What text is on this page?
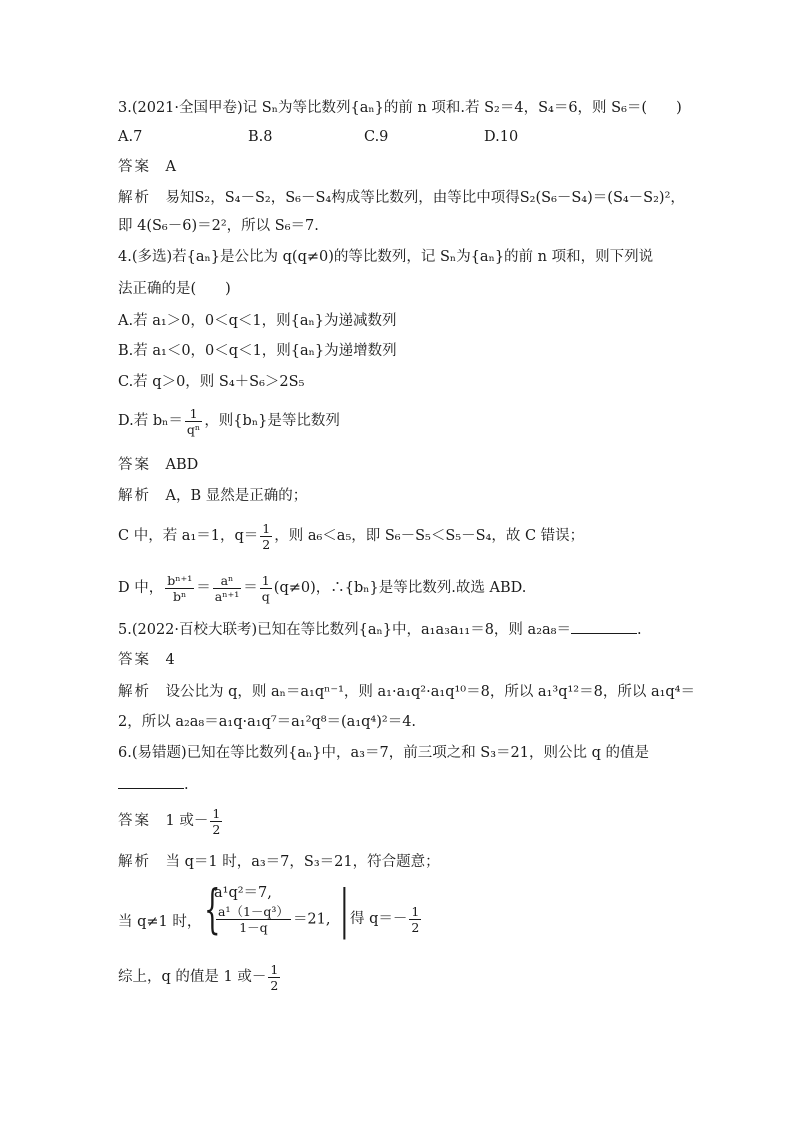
3.(2021·全国甲卷)记 Sₙ为等比数列{aₙ}的前 n 项和.若 S₂＝4，S₄＝6，则 S₆＝(　　)
A.7	B.8	C.9	D.10
答案　 A
解析　 易知S₂，S₄－S₂，S₆－S₄构成等比数列，由等比中项得S₂(S₆－S₄)＝(S₄－S₂)²，
即 4(S₆－6)＝2²，所以 S₆＝7.
4.(多选)若{aₙ}是公比为 q(q≠0)的等比数列，记 Sₙ为{aₙ}的前 n 项和，则下列说
法正确的是(　　)
A.若 a₁＞0，0＜q＜1，则{aₙ}为递减数列
B.若 a₁＜0，0＜q＜1，则{aₙ}为递增数列
C.若 q＞0，则 S₄＋S₆＞2S₅
D.若 $b_n= \frac{1}{\text{qⁿ}}$ ，则{bₙ}是等比数列
答案　 ABD
解析　 A，B 显然是正确的；
C 中，若 a₁＝1，$q= \frac{1}{2}$ ，则 a₆＜a₅，即 S₆－S₅＜S₅－S₄，故 C 错误；
D 中， $\frac{\text{bⁿ⁺¹}}{\text{bⁿ}} = \frac{\text{aⁿ}}{\text{aⁿ⁺¹}} = \frac{1}{q} (q\ne 0)$，∴{bₙ}是等比数列.故选 ABD.
5.(2022·百校大联考)已知在等比数列{aₙ}中，a₁a₃a₁₁＝8，则 a₂a₈＝	.
答案　 4
解析　 设公比为 q，则 aₙ＝a₁qⁿ⁻¹，则 a₁·a₁q²·a₁q¹⁰＝8，所以 a₁³q¹²＝8，所以 a₁q⁴＝
2，所以 a₂a₈＝a₁q·a₁q⁷＝a₁²q⁸＝(a₁q⁴)²＝4.
6.(易错题)已知在等比数列{aₙ}中，a₃＝7，前三项之和 S₃＝21，则公比 q 的值是
.
答案　 1 或－ $\frac{1}{2}$
解析　 当 q＝1 时，a₃＝7，S₃＝21，符合题意；
当 q≠1 时， {
a¹q²＝7,
$\frac{\text{a¹（1－q³）}}{1-q} =21$, | 得 $q=- \frac{1}{2}$
综上，q 的值是 1 或－ $\frac{1}{2}$
